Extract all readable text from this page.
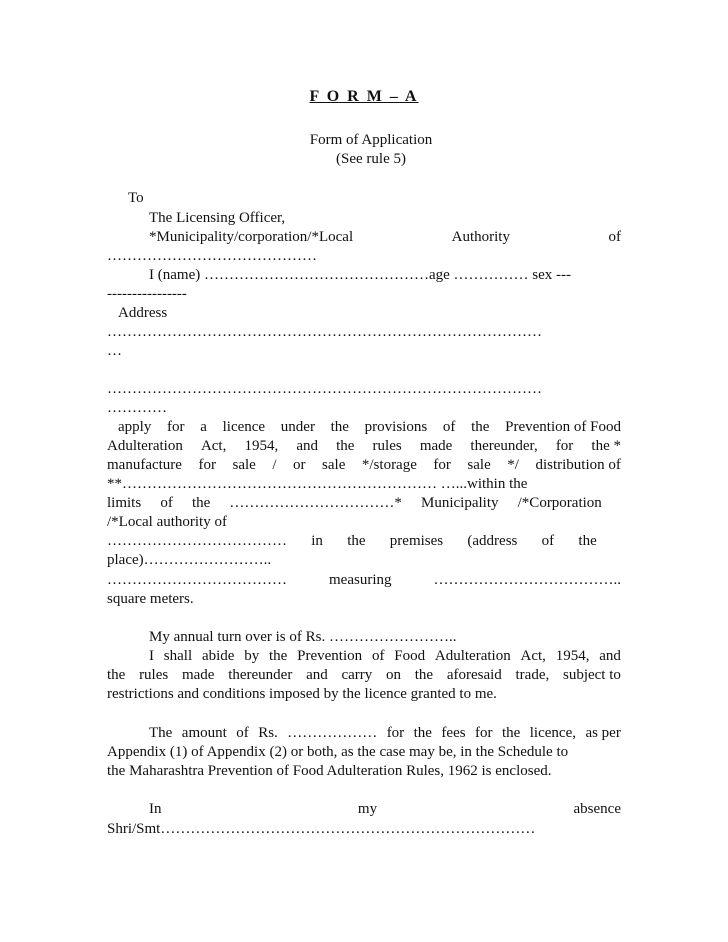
F O R M – A
Form of Application
(See rule 5)
To
The Licensing Officer,
*Municipality/corporation/*Local	Authority	of
……………………………………
I (name) ………………………………………age …………… sex ---
----------------
Address
……………………………………………………………………………
…
……………………………………………………………………………
…………
apply for a licence under the provisions of the Prevention of Food
Adulteration Act, 1954, and the rules made thereunder, for the *
manufacture for sale / or sale */storage for sale */ distribution of
**……………………………………………………… …...within the
limits of the ……………………………* Municipality /*Corporation
/*Local authority of
……………………………… in the premises (address of the
place)……………………..
………………………………	measuring	………………………………..
square meters.
My annual turn over is of Rs. ……………………..
I shall abide by the Prevention of Food Adulteration Act, 1954, and
the rules made thereunder and carry on the aforesaid trade, subject to
restrictions and conditions imposed by the licence granted to me.
The amount of Rs. ……………… for the fees for the licence, as per
Appendix (1) of Appendix (2) or both, as the case may be, in the Schedule to
the Maharashtra Prevention of Food Adulteration Rules, 1962 is enclosed.
In	my	absence
Shri/Smt…………………………………………………………………
